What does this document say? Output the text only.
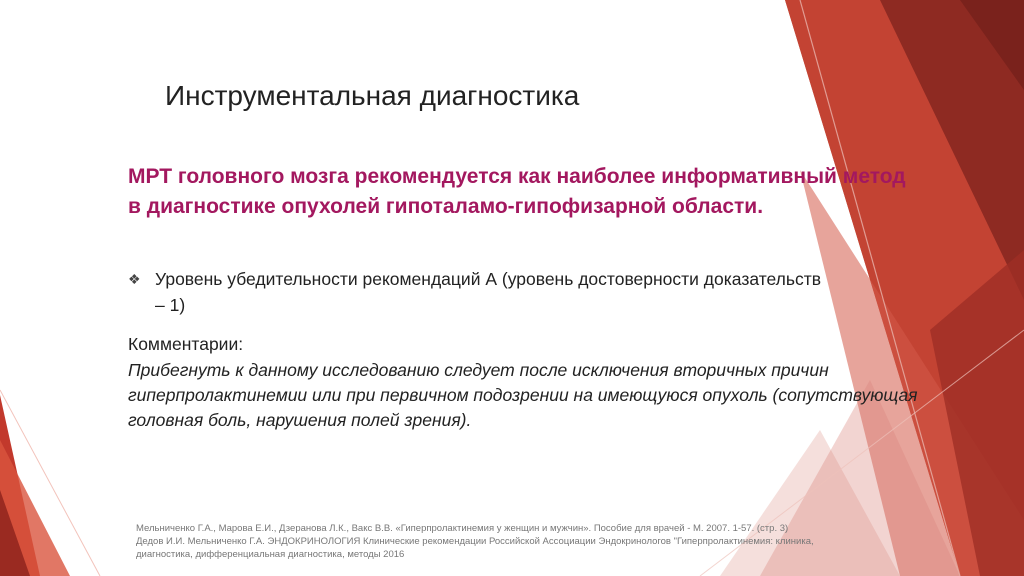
Инструментальная диагностика
МРТ головного мозга рекомендуется как наиболее информативный метод в диагностике опухолей гипоталамо-гипофизарной области.
❖ Уровень убедительности рекомендаций А (уровень достоверности доказательств – 1)
Комментарии:
Прибегнуть к данному исследованию следует после исключения вторичных причин гиперпролактинемии или при первичном подозрении на имеющуюся опухоль (сопутствующая головная боль, нарушения полей зрения).
Мельниченко Г.А., Марова Е.И., Дзеранова Л.К., Вакс В.В. «Гиперпролактинемия у женщин и мужчин». Пособие для врачей - М. 2007. 1-57. (стр. 3)
Дедов И.И. Мельниченко Г.А. ЭНДОКРИНОЛОГИЯ Клинические рекомендации Российской Ассоциации Эндокринологов "Гиперпролактинемия: клиника,
диагностика, дифференциальная диагностика, методы 2016
